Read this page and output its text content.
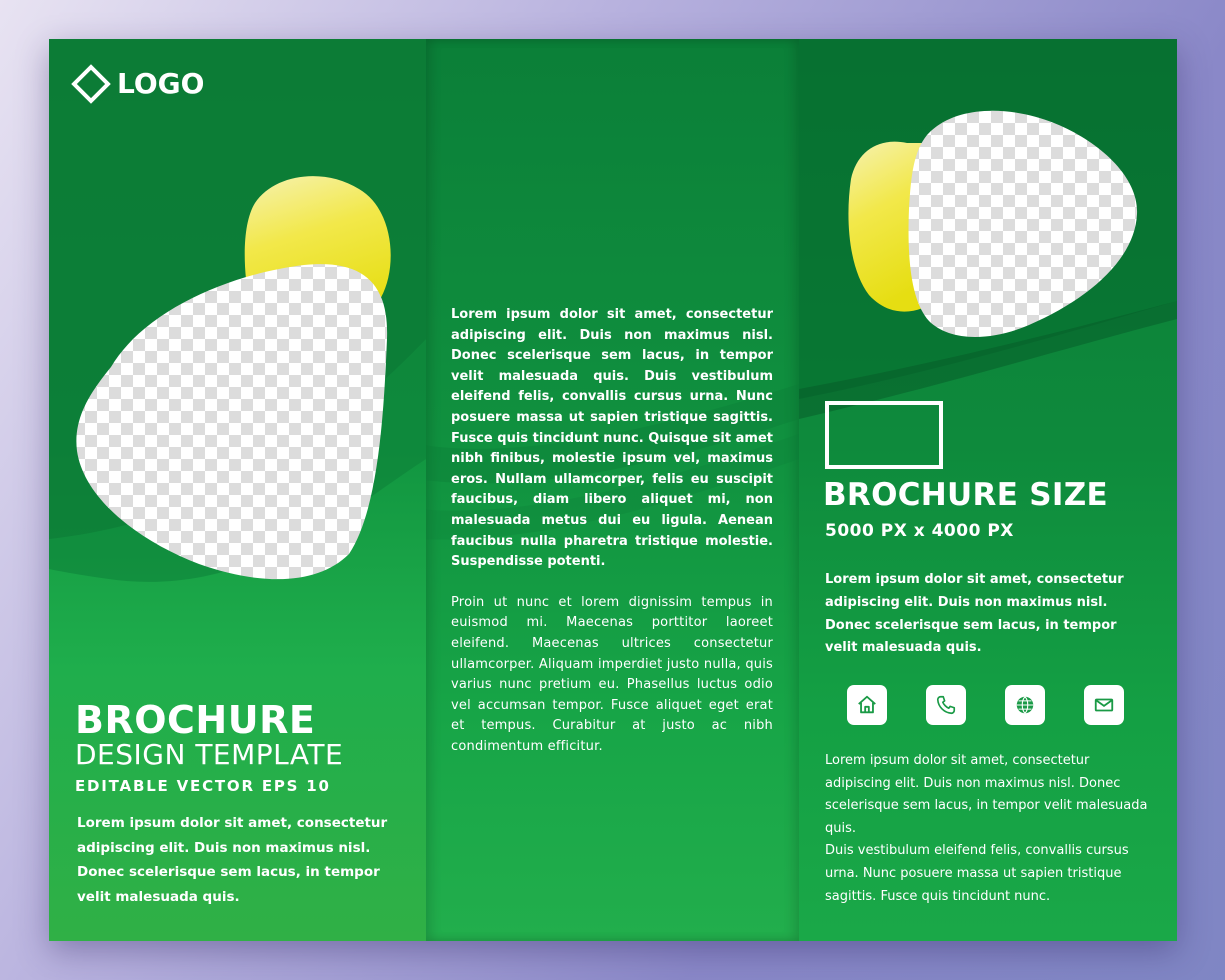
LOGO
BROCHURE
DESIGN TEMPLATE
EDITABLE VECTOR EPS 10
Lorem ipsum dolor sit amet, consectetur adipiscing elit. Duis non maximus nisl. Donec scelerisque sem lacus, in tempor velit malesuada quis.

Lorem ipsum dolor sit amet, consectetur adipiscing elit. Duis non maximus nisl. Donec scelerisque sem lacus, in tempor velit malesuada quis. Duis vestibulum eleifend felis, convallis cursus urna. Nunc posuere massa ut sapien tristique sagittis. Fusce quis tincidunt nunc. Quisque sit amet nibh finibus, molestie ipsum vel, maximus eros. Nullam ullamcorper, felis eu suscipit faucibus, diam libero aliquet mi, non malesuada metus dui eu ligula. Aenean faucibus nulla pharetra tristique molestie. Suspendisse potenti.

Proin ut nunc et lorem dignissim tempus in euismod mi. Maecenas porttitor laoreet eleifend. Maecenas ultrices consectetur ullamcorper. Aliquam imperdiet justo nulla, quis varius nunc pretium eu. Phasellus luctus odio vel accumsan tempor. Fusce aliquet eget erat et tempus. Curabitur at justo ac nibh condimentum efficitur.

BROCHURE SIZE
5000 PX x 4000 PX
Lorem ipsum dolor sit amet, consectetur adipiscing elit. Duis non maximus nisl. Donec scelerisque sem lacus, in tempor velit malesuada quis.

Lorem ipsum dolor sit amet, consectetur adipiscing elit. Duis non maximus nisl. Donec scelerisque sem lacus, in tempor velit malesuada quis.

Duis vestibulum eleifend felis, convallis cursus urna. Nunc posuere massa ut sapien tristique sagittis. Fusce quis tincidunt nunc.
